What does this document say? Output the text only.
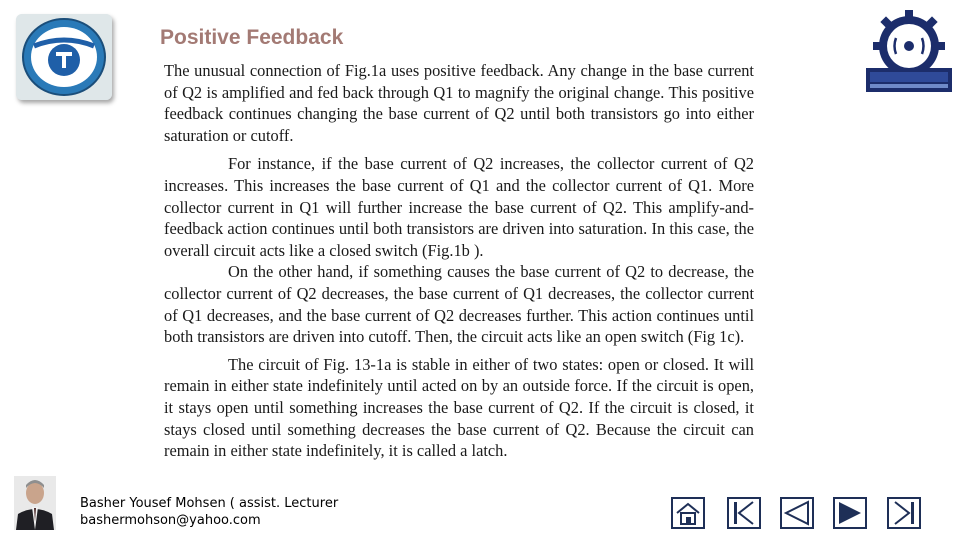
Positive Feedback

The unusual connection of Fig.1a uses positive feedback. Any change in the base current of Q2 is amplified and fed back through Q1 to magnify the original change. This positive feedback continues changing the base current of Q2 until both transistors go into either saturation or cutoff.

For instance, if the base current of Q2 increases, the collector current of Q2 increases. This increases the base current of Q1 and the collector current of Q1. More collector current in Q1 will further increase the base current of Q2. This amplify-and-feedback action continues until both transistors are driven into saturation. In this case, the overall circuit acts like a closed switch (Fig.1b ).

On the other hand, if something causes the base current of Q2 to decrease, the collector current of Q2 decreases, the base current of Q1 decreases, the collector current of Q1 decreases, and the base current of Q2 decreases further. This action continues until both transistors are driven into cutoff. Then, the circuit acts like an open switch (Fig 1c).

The circuit of Fig. 13-1a is stable in either of two states: open or closed. It will remain in either state indefinitely until acted on by an outside force. If the circuit is open, it stays open until something increases the base current of Q2. If the circuit is closed, it stays closed until something decreases the base current of Q2. Because the circuit can remain in either state indefinitely, it is called a latch.

Basher Yousef Mohsen ( assist. Lecturer
bashermohson@yahoo.com
